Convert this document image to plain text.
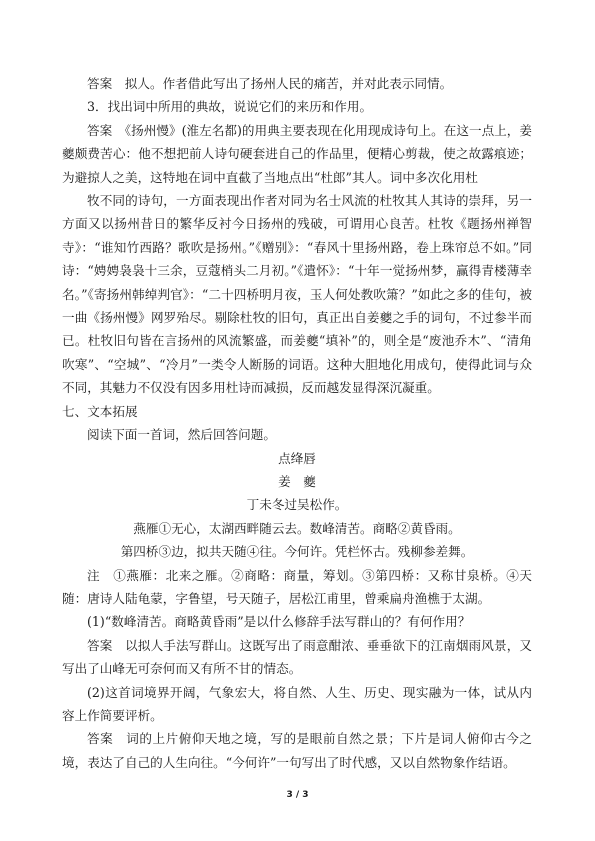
答案　拟人。作者借此写出了扬州人民的痛苦，并对此表示同情。

3．找出词中所用的典故，说说它们的来历和作用。

答案　《扬州慢》(淮左名都)的用典主要表现在化用现成诗句上。在这一点上，姜夔颇费苦心：他不想把前人诗句硬套进自己的作品里，便精心剪裁，使之故露痕迹；为避掠人之美，这特地在词中直截了当地点出“杜郎”其人。词中多次化用杜

牧不同的诗句，一方面表现出作者对同为名士风流的杜牧其人其诗的崇拜，另一方面又以扬州昔日的繁华反衬今日扬州的残破，可谓用心良苦。杜牧《题扬州禅智寺》：“谁知竹西路？歌吹是扬州。”《赠别》：“春风十里扬州路，卷上珠帘总不如。”同诗：“娉娉袅袅十三余，豆蔻梢头二月初。”《遣怀》：“十年一觉扬州梦，赢得青楼薄幸名。”《寄扬州韩绰判官》：“二十四桥明月夜，玉人何处教吹箫？”如此之多的佳句，被一曲《扬州慢》网罗殆尽。剔除杜牧的旧句，真正出自姜夔之手的词句，不过参半而已。杜牧旧句皆在言扬州的风流繁盛，而姜夔“填补”的，则全是“废池乔木”、“清角吹寒”、“空城”、“冷月”一类令人断肠的词语。这种大胆地化用成句，使得此词与众不同，其魅力不仅没有因多用杜诗而减损，反而越发显得深沉凝重。

七、文本拓展

阅读下面一首词，然后回答问题。

点绛唇

姜　夔

丁未冬过吴松作。

燕雁①无心，太湖西畔随云去。数峰清苦。商略②黄昏雨。

第四桥③边，拟共天随④往。今何许。凭栏怀古。残柳参差舞。

注　①燕雁：北来之雁。②商略：商量，筹划。③第四桥：又称甘泉桥。④天随：唐诗人陆龟蒙，字鲁望，号天随子，居松江甫里，曾乘扁舟渔樵于太湖。

(1)“数峰清苦。商略黄昏雨”是以什么修辞手法写群山的？有何作用？

答案　以拟人手法写群山。这既写出了雨意酣浓、垂垂欲下的江南烟雨风景，又写出了山峰无可奈何而又有所不甘的情态。

(2)这首词境界开阔，气象宏大，将自然、人生、历史、现实融为一体，试从内容上作简要评析。

答案　词的上片俯仰天地之境，写的是眼前自然之景；下片是词人俯仰古今之境，表达了自己的人生向往。“今何许”一句写出了时代感，又以自然物象作结语。

3 / 3
